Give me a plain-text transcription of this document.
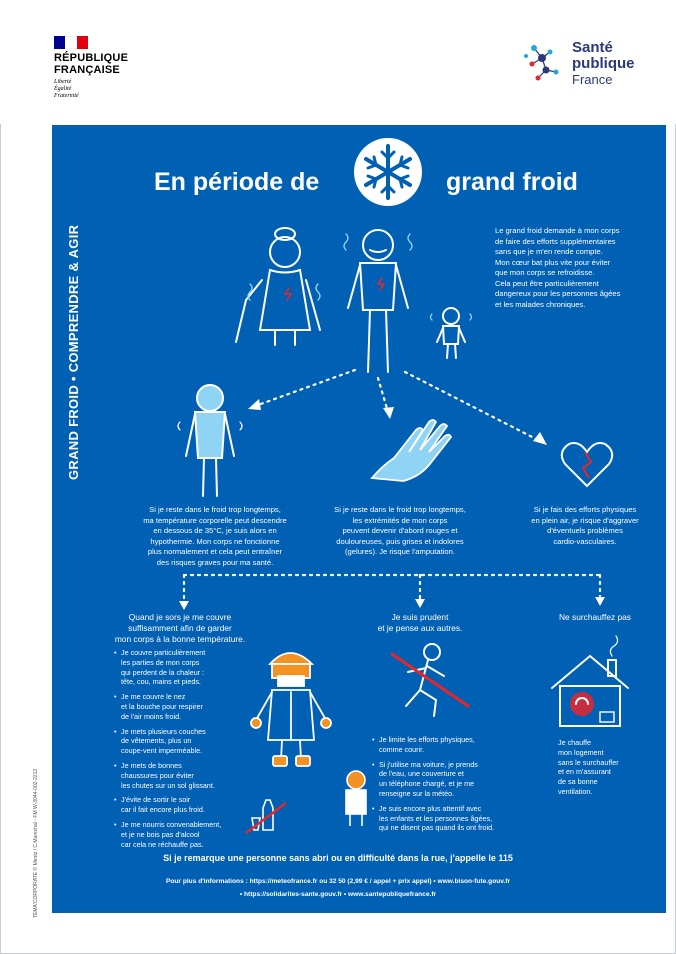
RÉPUBLIQUE
FRANÇAISE
Liberté
Égalité
Fraternité
Santé
publique
France
GRAND FROID • COMPRENDRE & AGIR
TEMA'CORPORATE © Mentz / C.Marechal - FM W-3044-002-2212
En période de	grand froid
Le grand froid demande à mon corps
de faire des efforts supplémentaires
sans que je m'en rende compte.
Mon cœur bat plus vite pour éviter
que mon corps se refroidisse.
Cela peut être particulièrement
dangereux pour les personnes âgées
et les malades chroniques.
Si je reste dans le froid trop longtemps,
ma température corporelle peut descendre
en dessous de 35°C, je suis alors en
hypothermie. Mon corps ne fonctionne
plus normalement et cela peut entraîner
des risques graves pour ma santé.
Si je reste dans le froid trop longtemps,
les extrémités de mon corps
peuvent devenir d'abord rouges et
douloureuses, puis grises et indolores
(gelures). Je risque l'amputation.
Si je fais des efforts physiques
en plein air, je risque d'aggraver
d'éventuels problèmes
cardio-vasculaires.
Quand je sors je me couvre
suffisamment afin de garder
mon corps à la bonne température.
• Je couvre particulièrement
les parties de mon corps
qui perdent de la chaleur :
tête, cou, mains et pieds.
• Je me couvre le nez
et la bouche pour respirer
de l'air moins froid.
• Je mets plusieurs couches
de vêtements, plus un
coupe-vent imperméable.
• Je mets de bonnes
chaussures pour éviter
les chutes sur un sol glissant.
• J'évite de sortir le soir
car il fait encore plus froid.
• Je me nourris convenablement,
et je ne bois pas d'alcool
car cela ne réchauffe pas.
Je suis prudent
et je pense aux autres.
• Je limite les efforts physiques,
comme courir.
• Si j'utilise ma voiture, je prends
de l'eau, une couverture et
un téléphone chargé, et je me
renseigne sur la météo.
• Je suis encore plus attentif avec
les enfants et les personnes âgées,
qui ne disent pas quand ils ont froid.
Ne surchauffez pas
Je chauffe
mon logement
sans le surchauffer
et en m'assurant
de sa bonne
ventilation.
Si je remarque une personne sans abri ou en difficulté dans la rue, j'appelle le 115
Pour plus d'informations : https://meteofrance.fr ou 32 50 (2,99 € / appel + prix appel) • www.bison-fute.gouv.fr
• https://solidarites-sante.gouv.fr • www.santepubliquefrance.fr
